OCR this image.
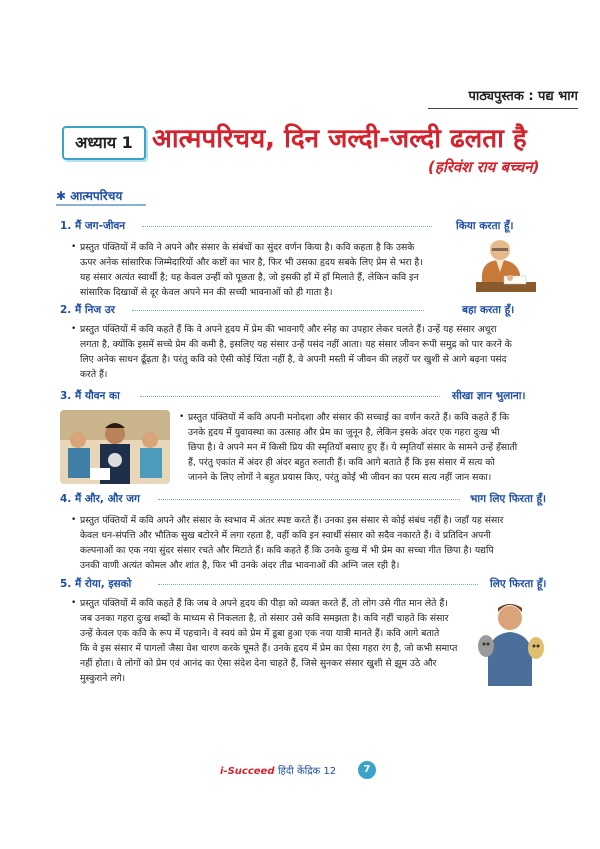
पाठ्यपुस्तक : पद्य भाग
अध्याय 1 आत्मपरिचय, दिन जल्दी-जल्दी ढलता है
(हरिवंश राय बच्चन)
✱ आत्मपरिचय
1. मैं जग-जीवन	किया करता हूँ।
• प्रस्तुत पंक्तियों में कवि ने अपने और संसार के संबंधों का सुंदर वर्णन किया है। कवि कहता है कि उसके

ऊपर अनेक सांसारिक जिम्मेदारियों और कष्टों का भार है, फिर भी उसका हृदय सबके लिए प्रेम से भरा है।

यह संसार अत्यंत स्वार्थी है; यह केवल उन्हीं को पूछता है, जो इसकी हाँ में हाँ मिलाते हैं, लेकिन कवि इन

सांसारिक दिखावों से दूर केवल अपने मन की सच्ची भावनाओं को ही गाता है।

2. मैं निज उर	बहा करता हूँ।
• प्रस्तुत पंक्तियों में कवि कहते हैं कि वे अपने हृदय में प्रेम की भावनाएँ और स्नेह का उपहार लेकर चलते हैं। उन्हें यह संसार अधूरा

लगता है, क्योंकि इसमें सच्चे प्रेम की कमी है, इसलिए यह संसार उन्हें पसंद नहीं आता। यह संसार जीवन रूपी समुद्र को पार करने के

लिए अनेक साधन ढूँढ़ता है। परंतु कवि को ऐसी कोई चिंता नहीं है, वे अपनी मस्ती में जीवन की लहरों पर खुशी से आगे बढ़ना पसंद

करते हैं।

3. मैं यौवन का	सीखा ज्ञान भुलाना।
• प्रस्तुत पंक्तियों में कवि अपनी मनोदशा और संसार की सच्चाई का वर्णन करते हैं। कवि कहते हैं कि

उनके हृदय में युवावस्था का उत्साह और प्रेम का जुनून है, लेकिन इसके अंदर एक गहरा दुःख भी

छिपा है। वे अपने मन में किसी प्रिय की स्मृतियाँ बसाए हुए हैं। ये स्मृतियाँ संसार के सामने उन्हें हँसाती

हैं, परंतु एकांत में अंदर ही अंदर बहुत रुलाती हैं। कवि आगे बताते हैं कि इस संसार में सत्य को

जानने के लिए लोगों ने बहुत प्रयास किए, परंतु कोई भी जीवन का परम सत्य नहीं जान सका।

4. मैं और, और जग	भाग लिए फिरता हूँ।
• प्रस्तुत पंक्तियों में कवि अपने और संसार के स्वभाव में अंतर स्पष्ट करते हैं। उनका इस संसार से कोई संबंध नहीं है। जहाँ यह संसार

केवल धन-संपत्ति और भौतिक सुख बटोरने में लगा रहता है, वहीं कवि इन स्वार्थी संसार को सदैव नकारते हैं। वे प्रतिदिन अपनी

कल्पनाओं का एक नया सुंदर संसार रचते और मिटाते हैं। कवि कहते हैं कि उनके दुःख में भी प्रेम का सच्चा गीत छिपा है। यद्यपि

उनकी वाणी अत्यंत कोमल और शांत है, फिर भी उनके अंदर तीव्र भावनाओं की अग्नि जल रही है।

5. मैं रोया, इसको	लिए फिरता हूँ।
• प्रस्तुत पंक्तियों में कवि कहते हैं कि जब वे अपने हृदय की पीड़ा को व्यक्त करते हैं, तो लोग उसे गीत मान लेते हैं।

जब उनका गहरा दुःख शब्दों के माध्यम से निकलता है, तो संसार उसे कवि समझता है। कवि नहीं चाहते कि संसार

उन्हें केवल एक कवि के रूप में पहचाने। वे स्वयं को प्रेम में डूबा हुआ एक नया यात्री मानते हैं। कवि आगे बताते

कि वे इस संसार में पागलों जैसा वेश धारण करके घूमते हैं। उनके हृदय में प्रेम का ऐसा गहरा रंग है, जो कभी समाप्त

नहीं होता। वे लोगों को प्रेम एवं आनंद का ऐसा संदेश देना चाहते हैं, जिसे सुनकर संसार खुशी से झूम उठे और

मुस्कुराने लगे।

i-Succeed हिंदी केंद्रिक 12	7
